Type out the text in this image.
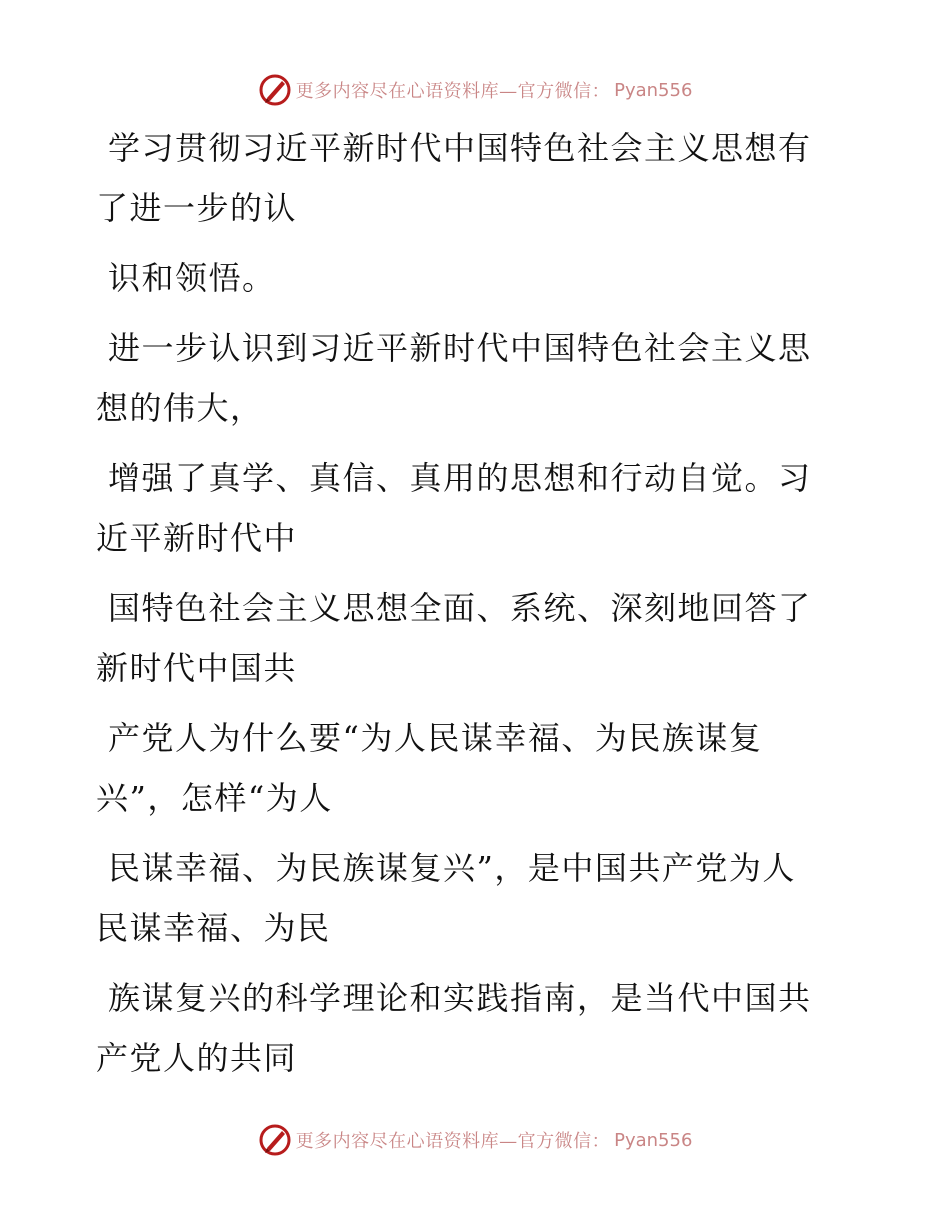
更多内容尽在心语资料库—官方微信： Pyan556

学习贯彻习近平新时代中国特色社会主义思想有
了进一步的认

识和领悟。

进一步认识到习近平新时代中国特色社会主义思
想的伟大，

增强了真学、真信、真用的思想和行动自觉。习
近平新时代中

国特色社会主义思想全面、系统、深刻地回答了
新时代中国共

产党人为什么要“为人民谋幸福、为民族谋复
兴”，怎样“为人

民谋幸福、为民族谋复兴”，是中国共产党为人
民谋幸福、为民

族谋复兴的科学理论和实践指南，是当代中国共
产党人的共同

更多内容尽在心语资料库—官方微信： Pyan556
